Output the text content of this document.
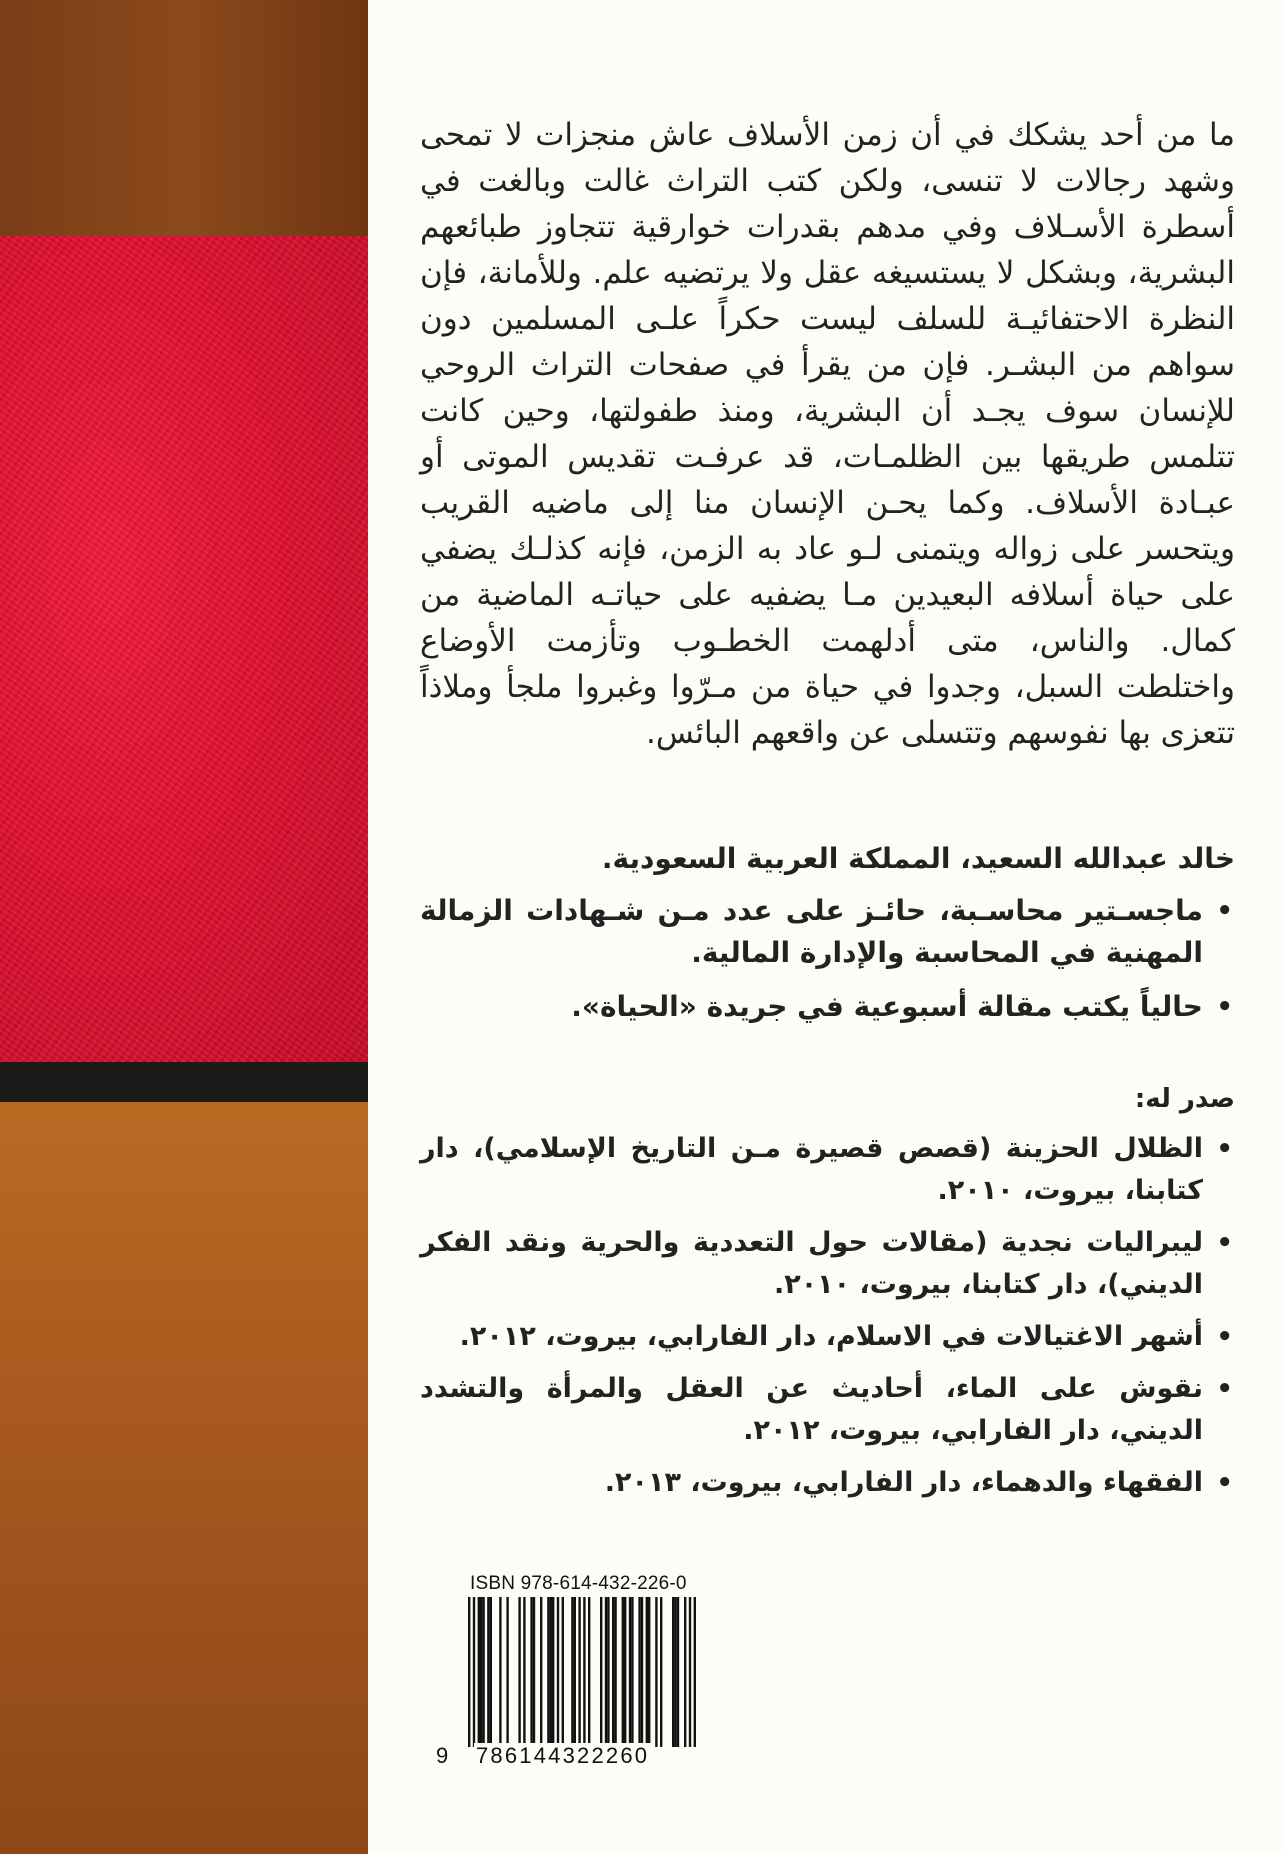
ما من أحد يشكك في أن زمن الأسلاف عاش منجزات لا تمحى وشهد رجالات لا تنسى، ولكن كتب التراث غالت وبالغت في أسطرة الأسـلاف وفي مدهم بقدرات خوارقية تتجاوز طبائعهم البشرية، وبشكل لا يستسيغه عقل ولا يرتضيه علم. وللأمانة، فإن النظرة الاحتفائيـة للسلف ليست حكراً علـى المسلمين دون سواهم من البشـر. فإن من يقرأ في صفحات التراث الروحي للإنسان سوف يجـد أن البشرية، ومنذ طفولتها، وحين كانت تتلمس طريقها بين الظلمـات، قد عرفـت تقديس الموتى أو عبـادة الأسلاف. وكما يحـن الإنسان منا إلى ماضيه القريب ويتحسر على زواله ويتمنى لـو عاد به الزمن، فإنه كذلـك يضفي على حياة أسلافه البعيدين مـا يضفيه على حياتـه الماضية من كمال. والناس، متى أدلهمت الخطـوب وتأزمت الأوضاع واختلطت السبل، وجدوا في حياة من مـرّوا وغبروا ملجأ وملاذاً تتعزى بها نفوسهم وتتسلى عن واقعهم البائس.

خالد عبدالله السعيد، المملكة العربية السعودية.

• ماجسـتير محاسـبة، حائـز على عدد مـن شـهادات الزمالة المهنية في المحاسبة والإدارة المالية.
• حالياً يكتب مقالة أسبوعية في جريدة «الحياة».

صدر له:

• الظلال الحزينة (قصص قصيرة مـن التاريخ الإسلامي)، دار كتابنا، بيروت، ٢٠١٠.
• ليبراليات نجدية (مقالات حول التعددية والحرية ونقد الفكر الديني)، دار كتابنا، بيروت، ٢٠١٠.
• أشهر الاغتيالات في الاسلام، دار الفارابي، بيروت، ٢٠١٢.
• نقوش على الماء، أحاديث عن العقل والمرأة والتشدد الديني، دار الفارابي، بيروت، ٢٠١٢.
• الفقهاء والدهماء، دار الفارابي، بيروت، ٢٠١٣.
ISBN 978-614-432-226-0
9 786144322260
